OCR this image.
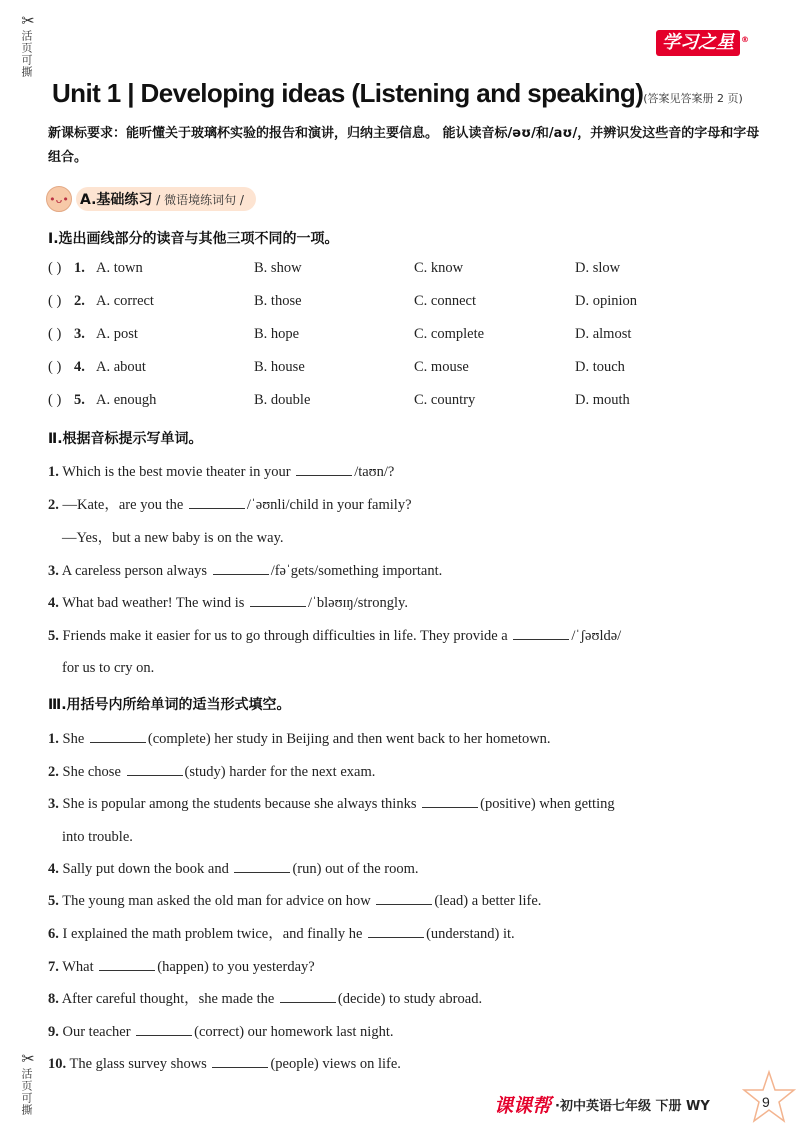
✂
活页可撕
✂
活页可撕
学习之星 ®
Unit 1 | Developing ideas (Listening and speaking)(答案见答案册 2 页)
新课标要求：能听懂关于玻璃杯实验的报告和演讲，归纳主要信息。 能认读音标/əʊ/和/aʊ/，并辨识发这些音的字母和字母组合。
•ᴗ• A.基础练习 / 微语境练词句 /
Ⅰ.选出画线部分的读音与其他三项不同的一项。
( ) 1. A. town	B. show	C. know	D. slow
( ) 2. A. correct	B. those	C. connect	D. opinion
( ) 3. A. post	B. hope	C. complete	D. almost
( ) 4. A. about	B. house	C. mouse	D. touch
( ) 5. A. enough	B. double	C. country	D. mouth
Ⅱ.根据音标提示写单词。
1. Which is the best movie theater in your	/taʊn/?
2. —Kate，are you the	/ˈəʊnli/child in your family?
—Yes，but a new baby is on the way.
3. A careless person always	/fəˈgets/something important.
4. What bad weather! The wind is	/ˈbləʊɪŋ/strongly.
5. Friends make it easier for us to go through difficulties in life. They provide a	/ˈʃəʊldə/
for us to cry on.
Ⅲ.用括号内所给单词的适当形式填空。
1. She	(complete) her study in Beijing and then went back to her hometown.
2. She chose	(study) harder for the next exam.
3. She is popular among the students because she always thinks	(positive) when getting
into trouble.
4. Sally put down the book and	(run) out of the room.
5. The young man asked the old man for advice on how	(lead) a better life.
6. I explained the math problem twice，and finally he	(understand) it.
7. What	(happen) to you yesterday?
8. After careful thought，she made the	(decide) to study abroad.
9. Our teacher	(correct) our homework last night.
10. The glass survey shows	(people) views on life.
课课帮 ·初中英语七年级 下册 WY	9
